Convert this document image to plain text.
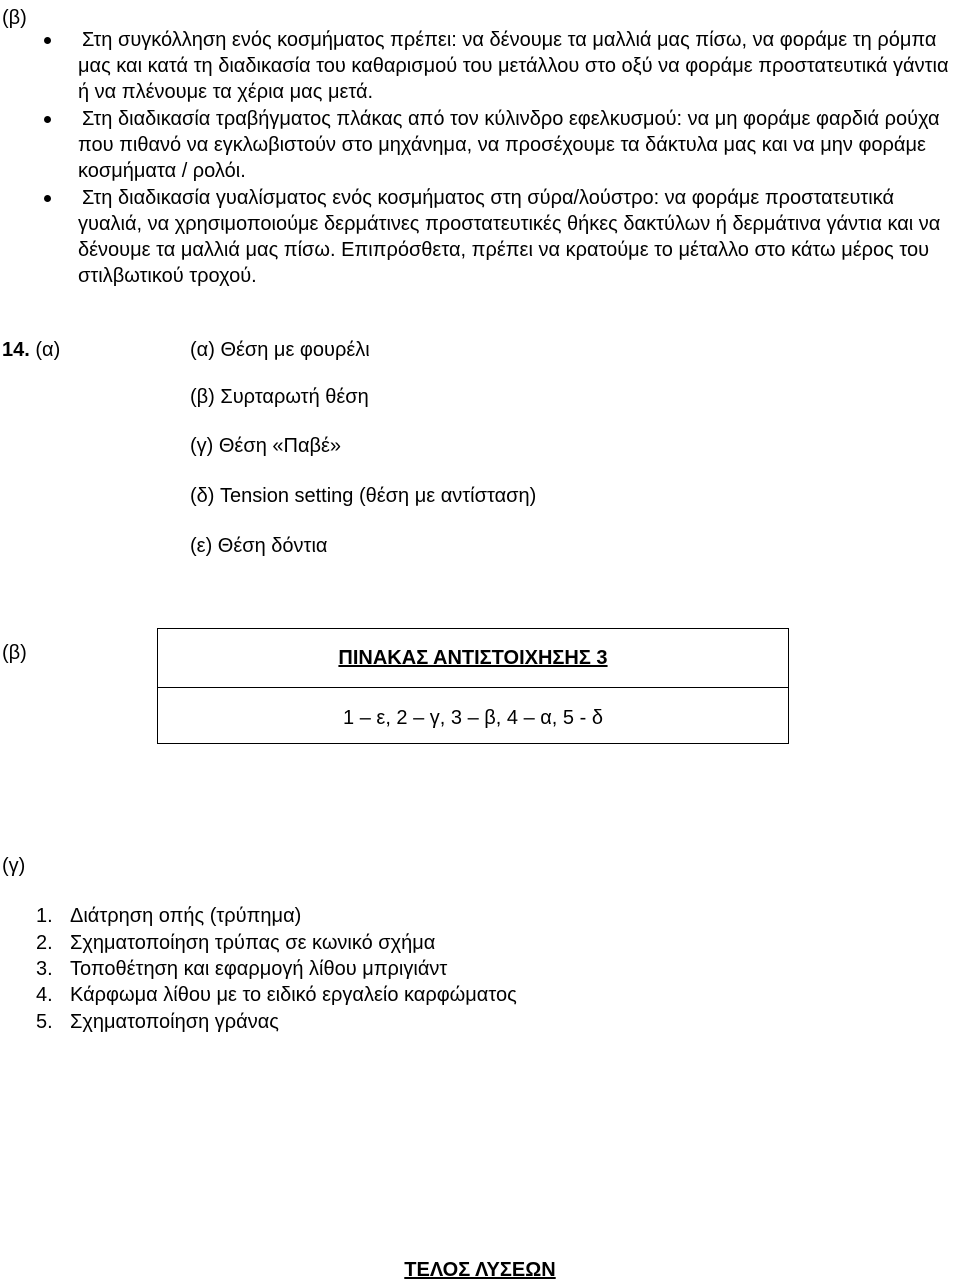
(β)
Στη συγκόλληση ενός κοσμήματος πρέπει: να δένουμε τα μαλλιά μας πίσω, να φοράμε τη ρόμπα μας και κατά τη διαδικασία του καθαρισμού του μετάλλου στο οξύ να φοράμε προστατευτικά γάντια ή να πλένουμε τα χέρια μας μετά.
Στη διαδικασία τραβήγματος πλάκας από τον κύλινδρο εφελκυσμού: να μη φοράμε φαρδιά ρούχα που πιθανό να εγκλωβιστούν στο μηχάνημα, να προσέχουμε τα δάκτυλα μας και να μην φοράμε κοσμήματα / ρολόι.
Στη διαδικασία γυαλίσματος ενός κοσμήματος στη σύρα/λούστρο: να φοράμε προστατευτικά γυαλιά, να χρησιμοποιούμε δερμάτινες προστατευτικές θήκες δακτύλων ή δερμάτινα γάντια και να δένουμε τα μαλλιά μας πίσω. Επιπρόσθετα, πρέπει να κρατούμε το μέταλλο στο κάτω μέρος του στιλβωτικού τροχού.
14. (α)	(α) Θέση με φουρέλι
(β) Συρταρωτή θέση
(γ) Θέση «Παβέ»
(δ) Tension setting (θέση με αντίσταση)
(ε) Θέση δόντια
(β)	ΠΙΝΑΚΑΣ ΑΝΤΙΣΤΟΙΧΗΣΗΣ 3
1 – ε, 2 – γ, 3 – β, 4 – α, 5 - δ
(γ)
1. Διάτρηση οπής (τρύπημα)
2. Σχηματοποίηση τρύπας σε κωνικό σχήμα
3. Τοποθέτηση και εφαρμογή λίθου μπριγιάντ
4. Κάρφωμα λίθου με το ειδικό εργαλείο καρφώματος
5. Σχηματοποίηση γράνας
ΤΕΛΟΣ ΛΥΣΕΩΝ
